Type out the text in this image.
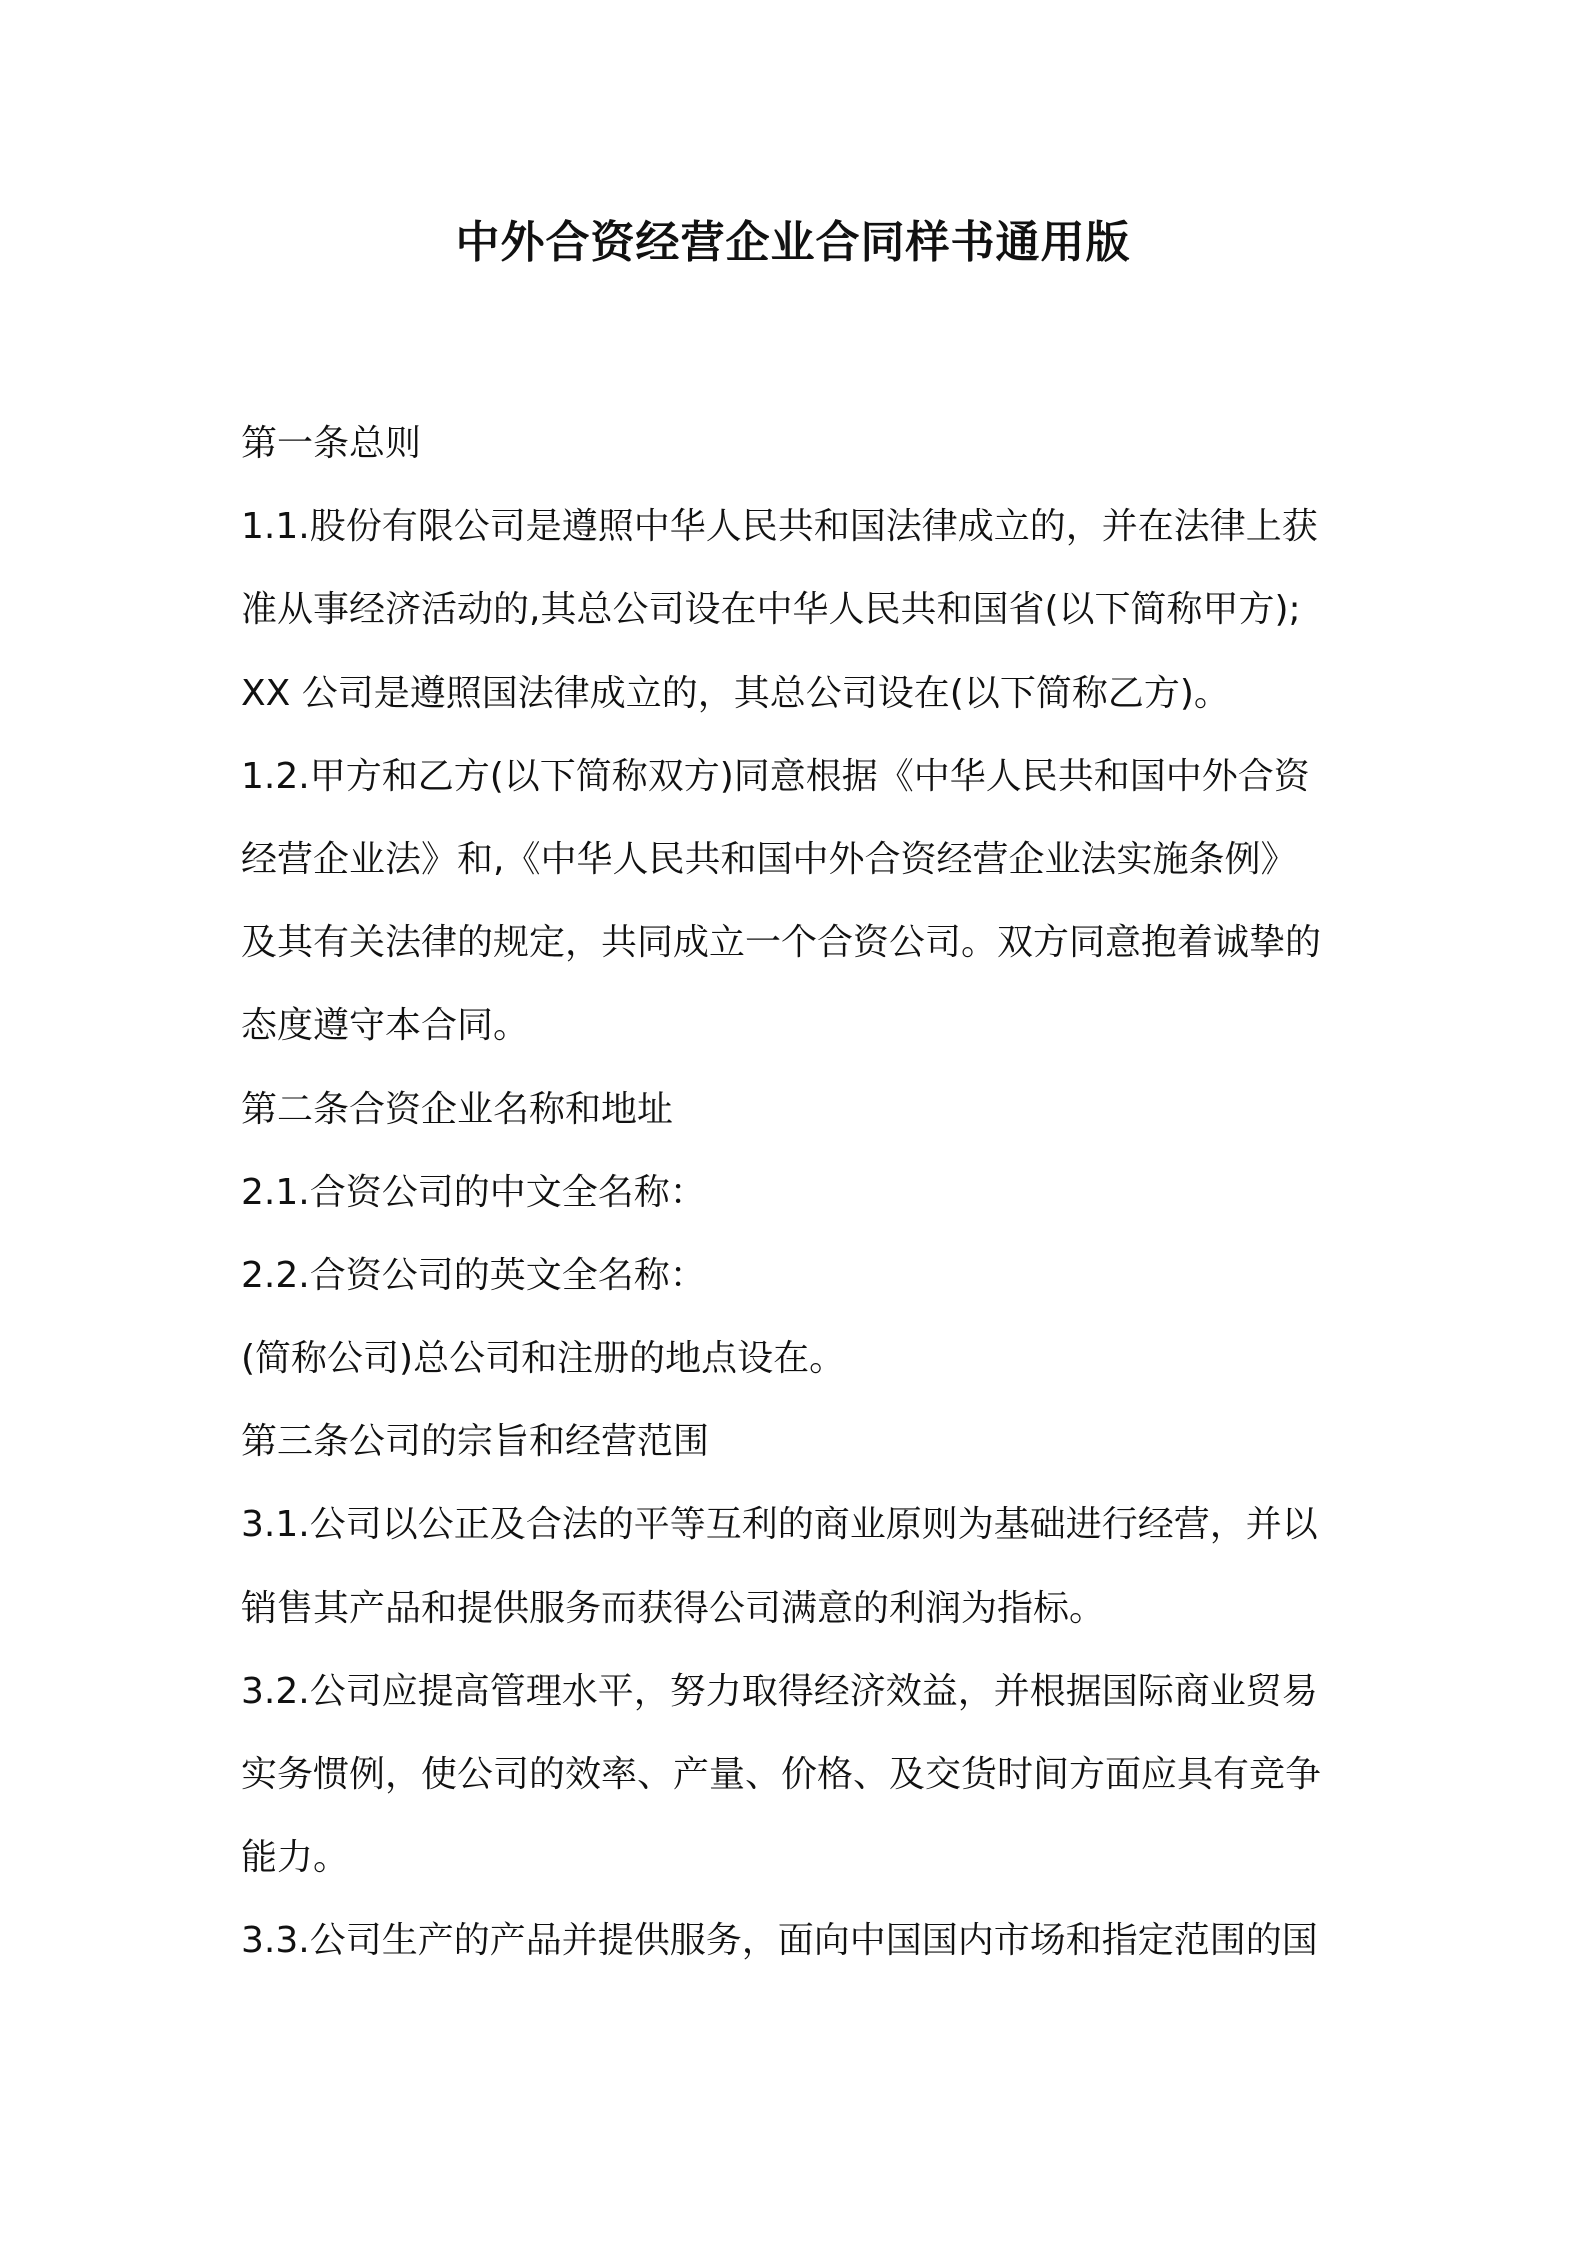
中外合资经营企业合同样书通用版
第一条总则
1.1.股份有限公司是遵照中华人民共和国法律成立的，并在法律上获
准从事经济活动的,其总公司设在中华人民共和国省(以下简称甲方);
XX 公司是遵照国法律成立的，其总公司设在(以下简称乙方)。
1.2.甲方和乙方(以下简称双方)同意根据《中华人民共和国中外合资
经营企业法》和,《中华人民共和国中外合资经营企业法实施条例》
及其有关法律的规定，共同成立一个合资公司。双方同意抱着诚挚的
态度遵守本合同。
第二条合资企业名称和地址
2.1.合资公司的中文全名称：
2.2.合资公司的英文全名称：
(简称公司)总公司和注册的地点设在。
第三条公司的宗旨和经营范围
3.1.公司以公正及合法的平等互利的商业原则为基础进行经营，并以
销售其产品和提供服务而获得公司满意的利润为指标。
3.2.公司应提高管理水平，努力取得经济效益，并根据国际商业贸易
实务惯例，使公司的效率、产量、价格、及交货时间方面应具有竞争
能力。
3.3.公司生产的产品并提供服务，面向中国国内市场和指定范围的国
